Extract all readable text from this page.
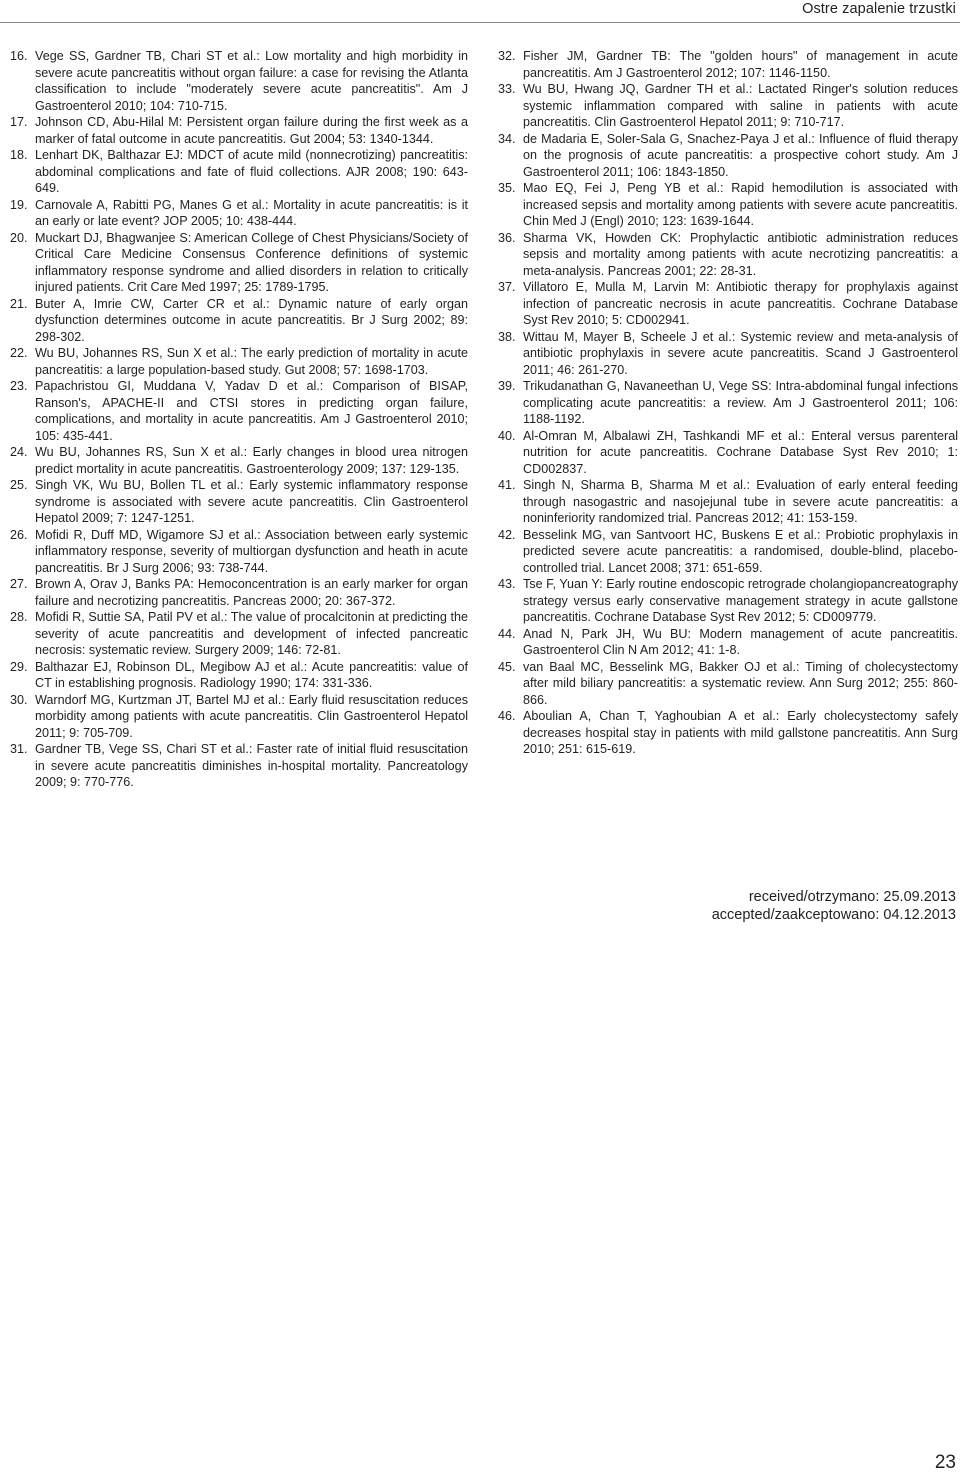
Ostre zapalenie trzustki
16. Vege SS, Gardner TB, Chari ST et al.: Low mortality and high morbidity in severe acute pancreatitis without organ failure: a case for revising the Atlanta classification to include "moderately severe acute pancreatitis". Am J Gastroenterol 2010; 104: 710-715.
17. Johnson CD, Abu-Hilal M: Persistent organ failure during the first week as a marker of fatal outcome in acute pancreatitis. Gut 2004; 53: 1340-1344.
18. Lenhart DK, Balthazar EJ: MDCT of acute mild (nonnecrotizing) pancreatitis: abdominal complications and fate of fluid collections. AJR 2008; 190: 643-649.
19. Carnovale A, Rabitti PG, Manes G et al.: Mortality in acute pancreatitis: is it an early or late event? JOP 2005; 10: 438-444.
20. Muckart DJ, Bhagwanjee S: American College of Chest Physicians/Society of Critical Care Medicine Consensus Conference definitions of systemic inflammatory response syndrome and allied disorders in relation to critically injured patients. Crit Care Med 1997; 25: 1789-1795.
21. Buter A, Imrie CW, Carter CR et al.: Dynamic nature of early organ dysfunction determines outcome in acute pancreatitis. Br J Surg 2002; 89: 298-302.
22. Wu BU, Johannes RS, Sun X et al.: The early prediction of mortality in acute pancreatitis: a large population-based study. Gut 2008; 57: 1698-1703.
23. Papachristou GI, Muddana V, Yadav D et al.: Comparison of BISAP, Ranson's, APACHE-II and CTSI stores in predicting organ failure, complications, and mortality in acute pancreatitis. Am J Gastroenterol 2010; 105: 435-441.
24. Wu BU, Johannes RS, Sun X et al.: Early changes in blood urea nitrogen predict mortality in acute pancreatitis. Gastroenterology 2009; 137: 129-135.
25. Singh VK, Wu BU, Bollen TL et al.: Early systemic inflammatory response syndrome is associated with severe acute pancreatitis. Clin Gastroenterol Hepatol 2009; 7: 1247-1251.
26. Mofidi R, Duff MD, Wigamore SJ et al.: Association between early systemic inflammatory response, severity of multiorgan dysfunction and heath in acute pancreatitis. Br J Surg 2006; 93: 738-744.
27. Brown A, Orav J, Banks PA: Hemoconcentration is an early marker for organ failure and necrotizing pancreatitis. Pancreas 2000; 20: 367-372.
28. Mofidi R, Suttie SA, Patil PV et al.: The value of procalcitonin at predicting the severity of acute pancreatitis and development of infected pancreatic necrosis: systematic review. Surgery 2009; 146: 72-81.
29. Balthazar EJ, Robinson DL, Megibow AJ et al.: Acute pancreatitis: value of CT in establishing prognosis. Radiology 1990; 174: 331-336.
30. Warndorf MG, Kurtzman JT, Bartel MJ et al.: Early fluid resuscitation reduces morbidity among patients with acute pancreatitis. Clin Gastroenterol Hepatol 2011; 9: 705-709.
31. Gardner TB, Vege SS, Chari ST et al.: Faster rate of initial fluid resuscitation in severe acute pancreatitis diminishes in-hospital mortality. Pancreatology 2009; 9: 770-776.
32. Fisher JM, Gardner TB: The "golden hours" of management in acute pancreatitis. Am J Gastroenterol 2012; 107: 1146-1150.
33. Wu BU, Hwang JQ, Gardner TH et al.: Lactated Ringer's solution reduces systemic inflammation compared with saline in patients with acute pancreatitis. Clin Gastroenterol Hepatol 2011; 9: 710-717.
34. de Madaria E, Soler-Sala G, Snachez-Paya J et al.: Influence of fluid therapy on the prognosis of acute pancreatitis: a prospective cohort study. Am J Gastroenterol 2011; 106: 1843-1850.
35. Mao EQ, Fei J, Peng YB et al.: Rapid hemodilution is associated with increased sepsis and mortality among patients with severe acute pancreatitis. Chin Med J (Engl) 2010; 123: 1639-1644.
36. Sharma VK, Howden CK: Prophylactic antibiotic administration reduces sepsis and mortality among patients with acute necrotizing pancreatitis: a meta-analysis. Pancreas 2001; 22: 28-31.
37. Villatoro E, Mulla M, Larvin M: Antibiotic therapy for prophylaxis against infection of pancreatic necrosis in acute pancreatitis. Cochrane Database Syst Rev 2010; 5: CD002941.
38. Wittau M, Mayer B, Scheele J et al.: Systemic review and meta-analysis of antibiotic prophylaxis in severe acute pancreatitis. Scand J Gastroenterol 2011; 46: 261-270.
39. Trikudanathan G, Navaneethan U, Vege SS: Intra-abdominal fungal infections complicating acute pancreatitis: a review. Am J Gastroenterol 2011; 106: 1188-1192.
40. Al-Omran M, Albalawi ZH, Tashkandi MF et al.: Enteral versus parenteral nutrition for acute pancreatitis. Cochrane Database Syst Rev 2010; 1: CD002837.
41. Singh N, Sharma B, Sharma M et al.: Evaluation of early enteral feeding through nasogastric and nasojejunal tube in severe acute pancreatitis: a noninferiority randomized trial. Pancreas 2012; 41: 153-159.
42. Besselink MG, van Santvoort HC, Buskens E et al.: Probiotic prophylaxis in predicted severe acute pancreatitis: a randomised, double-blind, placebo-controlled trial. Lancet 2008; 371: 651-659.
43. Tse F, Yuan Y: Early routine endoscopic retrograde cholangiopancreatography strategy versus early conservative management strategy in acute gallstone pancreatitis. Cochrane Database Syst Rev 2012; 5: CD009779.
44. Anad N, Park JH, Wu BU: Modern management of acute pancreatitis. Gastroenterol Clin N Am 2012; 41: 1-8.
45. van Baal MC, Besselink MG, Bakker OJ et al.: Timing of cholecystectomy after mild biliary pancreatitis: a systematic review. Ann Surg 2012; 255: 860-866.
46. Aboulian A, Chan T, Yaghoubian A et al.: Early cholecystectomy safely decreases hospital stay in patients with mild gallstone pancreatitis. Ann Surg 2010; 251: 615-619.
received/otrzymano: 25.09.2013
accepted/zaakceptowano: 04.12.2013
23
